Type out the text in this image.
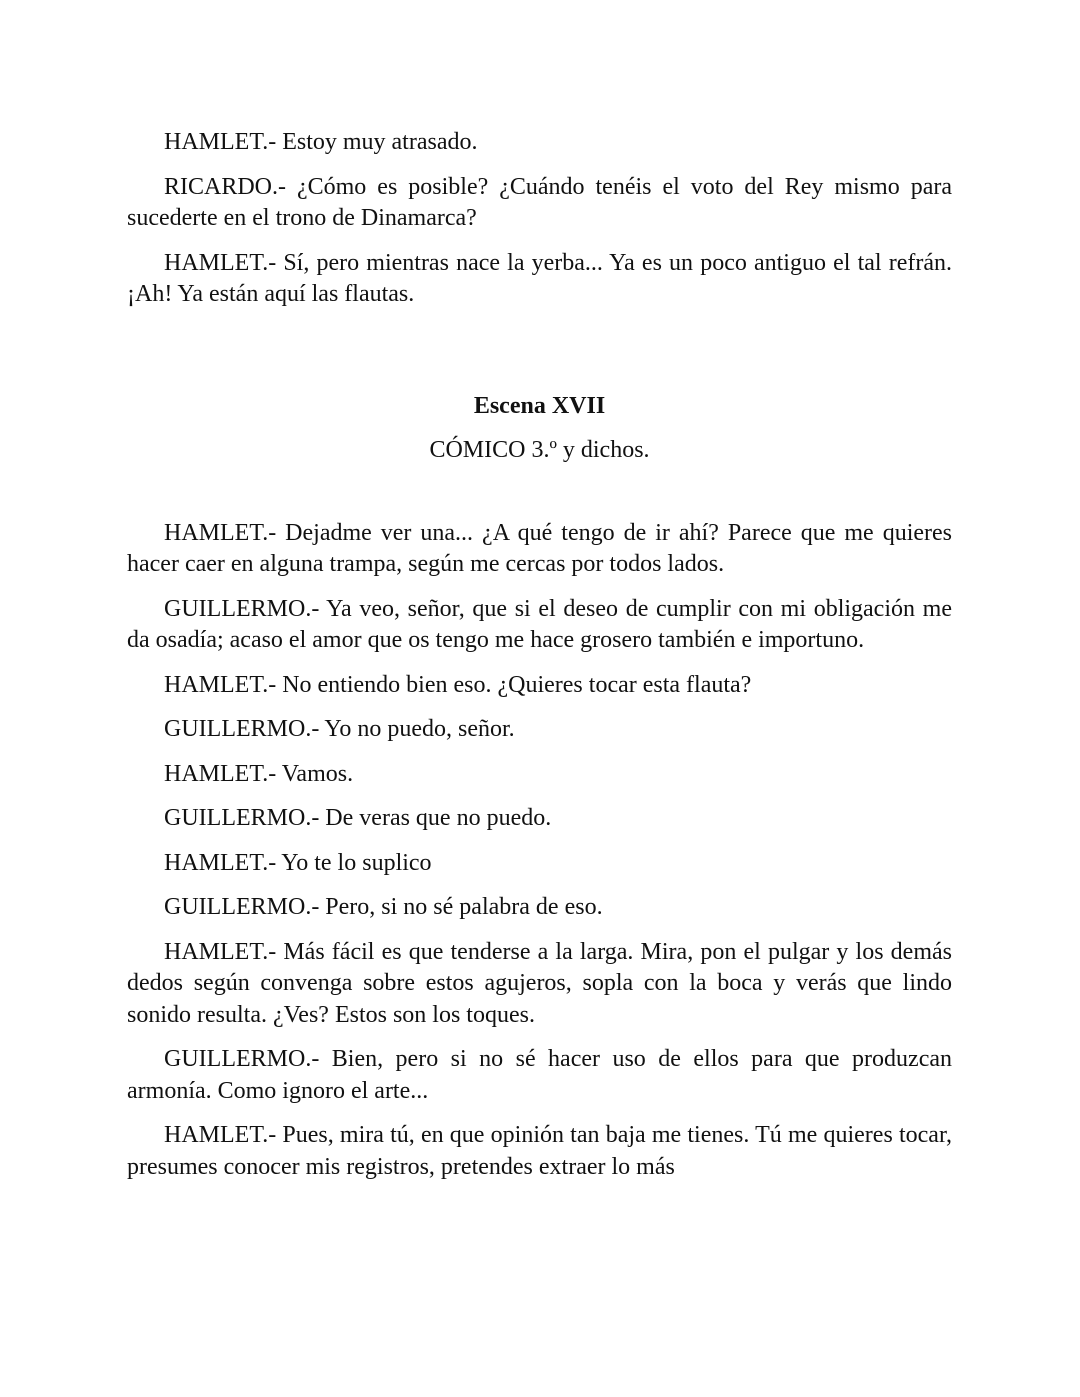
HAMLET.- Estoy muy atrasado.

RICARDO.- ¿Cómo es posible? ¿Cuándo tenéis el voto del Rey mismo para sucederte en el trono de Dinamarca?

HAMLET.- Sí, pero mientras nace la yerba... Ya es un poco antiguo el tal refrán. ¡Ah! Ya están aquí las flautas.

Escena XVII

CÓMICO 3.º y dichos.

HAMLET.- Dejadme ver una... ¿A qué tengo de ir ahí? Parece que me quieres hacer caer en alguna trampa, según me cercas por todos lados.

GUILLERMO.- Ya veo, señor, que si el deseo de cumplir con mi obligación me da osadía; acaso el amor que os tengo me hace grosero también e importuno.

HAMLET.- No entiendo bien eso. ¿Quieres tocar esta flauta?

GUILLERMO.- Yo no puedo, señor.

HAMLET.- Vamos.

GUILLERMO.- De veras que no puedo.

HAMLET.- Yo te lo suplico

GUILLERMO.- Pero, si no sé palabra de eso.

HAMLET.- Más fácil es que tenderse a la larga. Mira, pon el pulgar y los demás dedos según convenga sobre estos agujeros, sopla con la boca y verás que lindo sonido resulta. ¿Ves? Estos son los toques.

GUILLERMO.- Bien, pero si no sé hacer uso de ellos para que produzcan armonía. Como ignoro el arte...

HAMLET.- Pues, mira tú, en que opinión tan baja me tienes. Tú me quieres tocar, presumes conocer mis registros, pretendes extraer lo más
